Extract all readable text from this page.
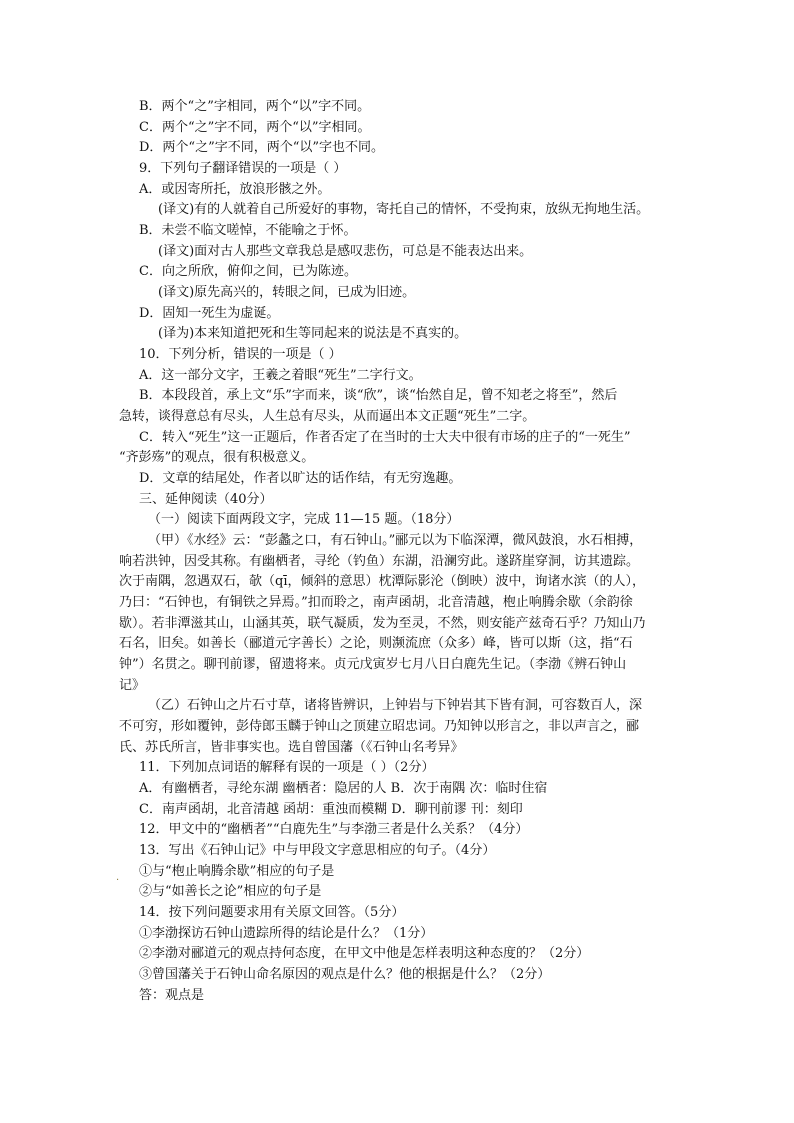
B．两个“之”字相同，两个“以”字不同。
C．两个“之”字不同，两个“以”字相同。
D．两个“之”字不同，两个“以”字也不同。
9．下列句子翻译错误的一项是（ ）
A．或因寄所托，放浪形骸之外。
(译文)有的人就着自己所爱好的事物，寄托自己的情怀，不受拘束，放纵无拘地生活。
B．未尝不临文嗟悼，不能喻之于怀。
(译文)面对古人那些文章我总是感叹悲伤，可总是不能表达出来。
C．向之所欣，俯仰之间，已为陈迹。
(译文)原先高兴的，转眼之间，已成为旧迹。
D．固知一死生为虚诞。
(译为)本来知道把死和生等同起来的说法是不真实的。
10．下列分析，错误的一项是（ ）
A．这一部分文字，王羲之着眼“死生”二字行文。
B．本段段首，承上文“乐”字而来，谈“欣”，谈“怡然自足，曾不知老之将至”，然后
急转，谈得意总有尽头，人生总有尽头，从而逼出本文正题“死生”二字。
C．转入“死生”这一正题后，作者否定了在当时的士大夫中很有市场的庄子的“一死生”
“齐彭殇”的观点，很有积极意义。
D．文章的结尾处，作者以旷达的话作结，有无穷逸趣。
三、延伸阅读（40分）
（一）阅读下面两段文字，完成 11—15 题。（18分）
（甲）《水经》云：“彭蠡之口，有石钟山。”郦元以为下临深潭，微风鼓浪，水石相搏，
响若洪钟，因受其称。有幽栖者，寻纶（钓鱼）东湖，沿澜穷此。遂跻崖穿洞，访其遗踪。
次于南隅，忽遇双石，欹（qī，倾斜的意思）枕潭际影沦（倒映）波中，询诸水滨（的人），
乃曰：“石钟也，有铜铁之异焉。”扣而聆之，南声函胡，北音清越，枹止响腾余歇（余韵徐
歇）。若非潭滋其山，山涵其英，联气凝质，发为至灵，不然，则安能产兹奇石乎？乃知山乃
石名，旧矣。如善长（郦道元字善长）之论，则濒流庶（众多）峰，皆可以斯（这，指“石
钟”）名贯之。聊刊前谬，留遗将来。贞元戊寅岁七月八日白鹿先生记。（李渤《辨石钟山
记》
（乙）石钟山之片石寸草，诸将皆辨识，上钟岩与下钟岩其下皆有洞，可容数百人，深
不可穷，形如覆钟，彭侍郎玉麟于钟山之顶建立昭忠词。乃知钟以形言之，非以声言之，郦
氏、苏氏所言，皆非事实也。选自曾国藩（《石钟山名考异》
11．下列加点词语的解释有误的一项是（ ）（2分）
A．有幽栖者，寻纶东湖 幽栖者：隐居的人 B．次于南隅 次：临时住宿
C．南声函胡，北音清越 函胡：重浊而模糊 D．聊刊前谬 刊：刻印
12．甲文中的“幽栖者”“白鹿先生”与李渤三者是什么关系？（4分）
13．写出《石钟山记》中与甲段文字意思相应的句子。（4分）
. ①与“枹止响腾余歇”相应的句子是
②与“如善长之论”相应的句子是
14．按下列问题要求用有关原文回答。（5分）
①李渤探访石钟山遗踪所得的结论是什么？（1分）
②李渤对郦道元的观点持何态度，在甲文中他是怎样表明这种态度的？（2分）
③曾国藩关于石钟山命名原因的观点是什么？他的根据是什么？（2分）
答：观点是
